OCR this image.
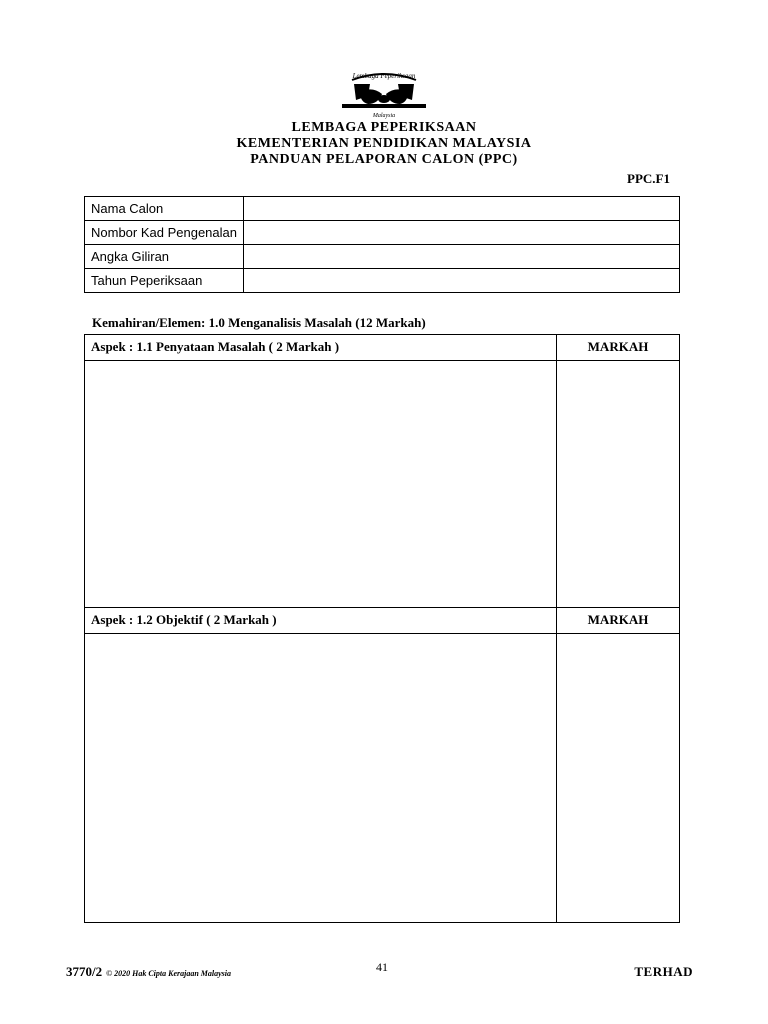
Lembaga Peperiksaan
Malaysia
LEMBAGA PEPERIKSAAN
KEMENTERIAN PENDIDIKAN MALAYSIA
PANDUAN PELAPORAN CALON (PPC)
PPC.F1
Nama Calon	
Nombor Kad Pengenalan	
Angka Giliran	
Tahun Peperiksaan	
Kemahiran/Elemen: 1.0 Menganalisis Masalah (12 Markah)
Aspek : 1.1 Penyataan Masalah ( 2 Markah )	MARKAH
Aspek : 1.2 Objektif ( 2 Markah )	MARKAH
3770/2 © 2020 Hak Cipta Kerajaan Malaysia	41	TERHAD
